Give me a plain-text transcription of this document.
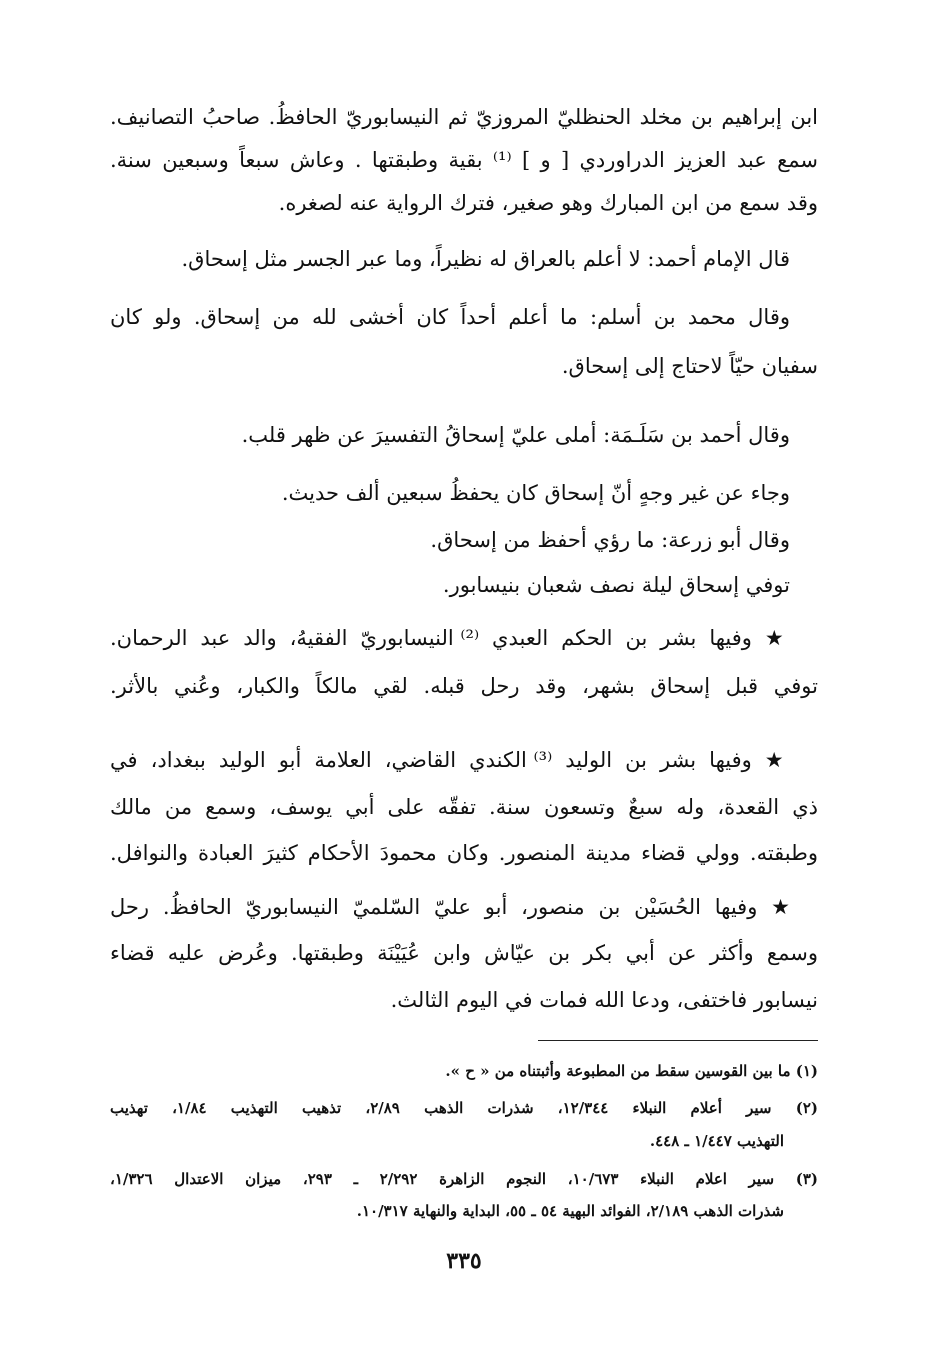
ابن إبراهيم بن مخلد الحنظليّ المروزيّ ثم النيسابوريّ الحافظُ. صاحبُ التصانيف.
سمع عبد العزيز الدراوردي [ و ] ⁽¹⁾ بقية وطبقتها . وعاش سبعاً وسبعين سنة.
وقد سمع من ابن المبارك وهو صغير، فترك الرواية عنه لصغره.
قال الإمام أحمد: لا أعلم بالعراق له نظيراً، وما عبر الجسر مثل إسحاق.
وقال محمد بن أسلم: ما أعلم أحداً كان أخشى لله من إسحاق. ولو كان
سفيان حيّاً لاحتاج إلى إسحاق.
وقال أحمد بن سَلَـمَة: أملى عليّ إسحاقُ التفسيرَ عن ظهر قلب.
وجاء عن غير وجهٍ أنّ إسحاق كان يحفظُ سبعين ألف حديث.
وقال أبو زرعة: ما رؤي أحفظ من إسحاق.
توفي إسحاق ليلة نصف شعبان بنيسابور.
★ وفيها بشر بن الحكم العبدي ⁽²⁾ النيسابوريّ الفقيهُ، والد عبد الرحمان.
توفي قبل إسحاق بشهر، وقد رحل قبله. لقي مالكاً والكبار، وعُني بالأثر.
★ وفيها بشر بن الوليد ⁽³⁾ الكندي القاضي، العلامة أبو الوليد ببغداد، في
ذي القعدة، وله سبعٌ وتسعون سنة. تفقّه على أبي يوسف، وسمع من مالك
وطبقته. وولي قضاء مدينة المنصور. وكان محمودَ الأحكام كثيرَ العبادة والنوافل.
★ وفيها الحُسَيْن بن منصور، أبو عليّ السّلميّ النيسابوريّ الحافظُ. رحل
وسمع وأكثر عن أبي بكر بن عيّاش وابن عُيَيْنَة وطبقتها. وعُرض عليه قضاء
نيسابور فاختفى، ودعا الله فمات في اليوم الثالث.
(١) ما بين القوسين سقط من المطبوعة وأثبتناه من « ح ».
(٢) سير أعلام النبلاء ١٢/٣٤٤، شذرات الذهب ٢/٨٩، تذهيب التهذيب ١/٨٤، تهذيب
التهذيب ١/٤٤٧ ـ ٤٤٨.
(٣) سير اعلام النبلاء ١٠/٦٧٣، النجوم الزاهرة ٢/٢٩٢ ـ ٢٩٣، ميزان الاعتدال ١/٣٢٦،
شذرات الذهب ٢/١٨٩، الفوائد البهية ٥٤ ـ ٥٥، البداية والنهاية ١٠/٣١٧.
٣٣٥
